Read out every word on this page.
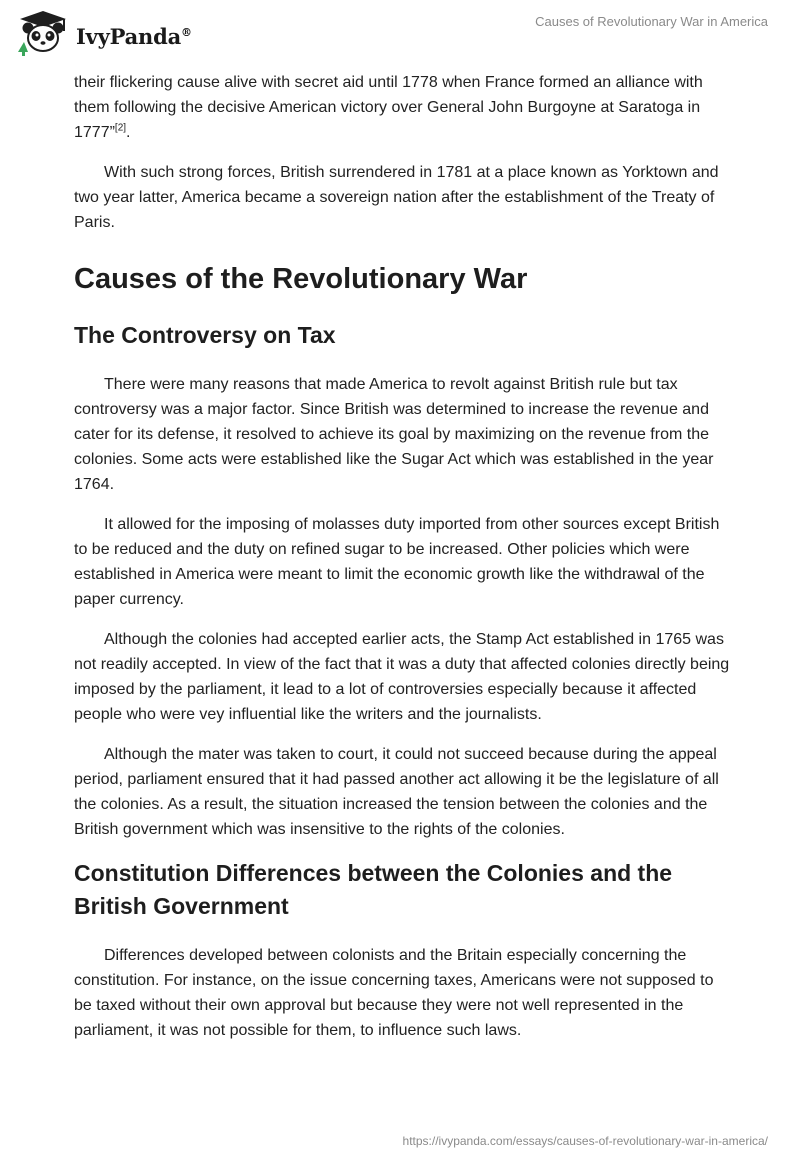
IvyPanda®
Causes of Revolutionary War in America

their flickering cause alive with secret aid until 1778 when France formed an alliance with them following the decisive American victory over General John Burgoyne at Saratoga in 1777”[2].

With such strong forces, British surrendered in 1781 at a place known as Yorktown and two year latter, America became a sovereign nation after the establishment of the Treaty of Paris.

Causes of the Revolutionary War
The Controversy on Tax

There were many reasons that made America to revolt against British rule but tax controversy was a major factor. Since British was determined to increase the revenue and cater for its defense, it resolved to achieve its goal by maximizing on the revenue from the colonies. Some acts were established like the Sugar Act which was established in the year 1764.

It allowed for the imposing of molasses duty imported from other sources except British to be reduced and the duty on refined sugar to be increased. Other policies which were established in America were meant to limit the economic growth like the withdrawal of the paper currency.

Although the colonies had accepted earlier acts, the Stamp Act established in 1765 was not readily accepted. In view of the fact that it was a duty that affected colonies directly being imposed by the parliament, it lead to a lot of controversies especially because it affected people who were vey influential like the writers and the journalists.

Although the mater was taken to court, it could not succeed because during the appeal period, parliament ensured that it had passed another act allowing it be the legislature of all the colonies. As a result, the situation increased the tension between the colonies and the British government which was insensitive to the rights of the colonies.

Constitution Differences between the Colonies and the British Government

Differences developed between colonists and the Britain especially concerning the constitution. For instance, on the issue concerning taxes, Americans were not supposed to be taxed without their own approval but because they were not well represented in the parliament, it was not possible for them, to influence such laws.

https://ivypanda.com/essays/causes-of-revolutionary-war-in-america/
